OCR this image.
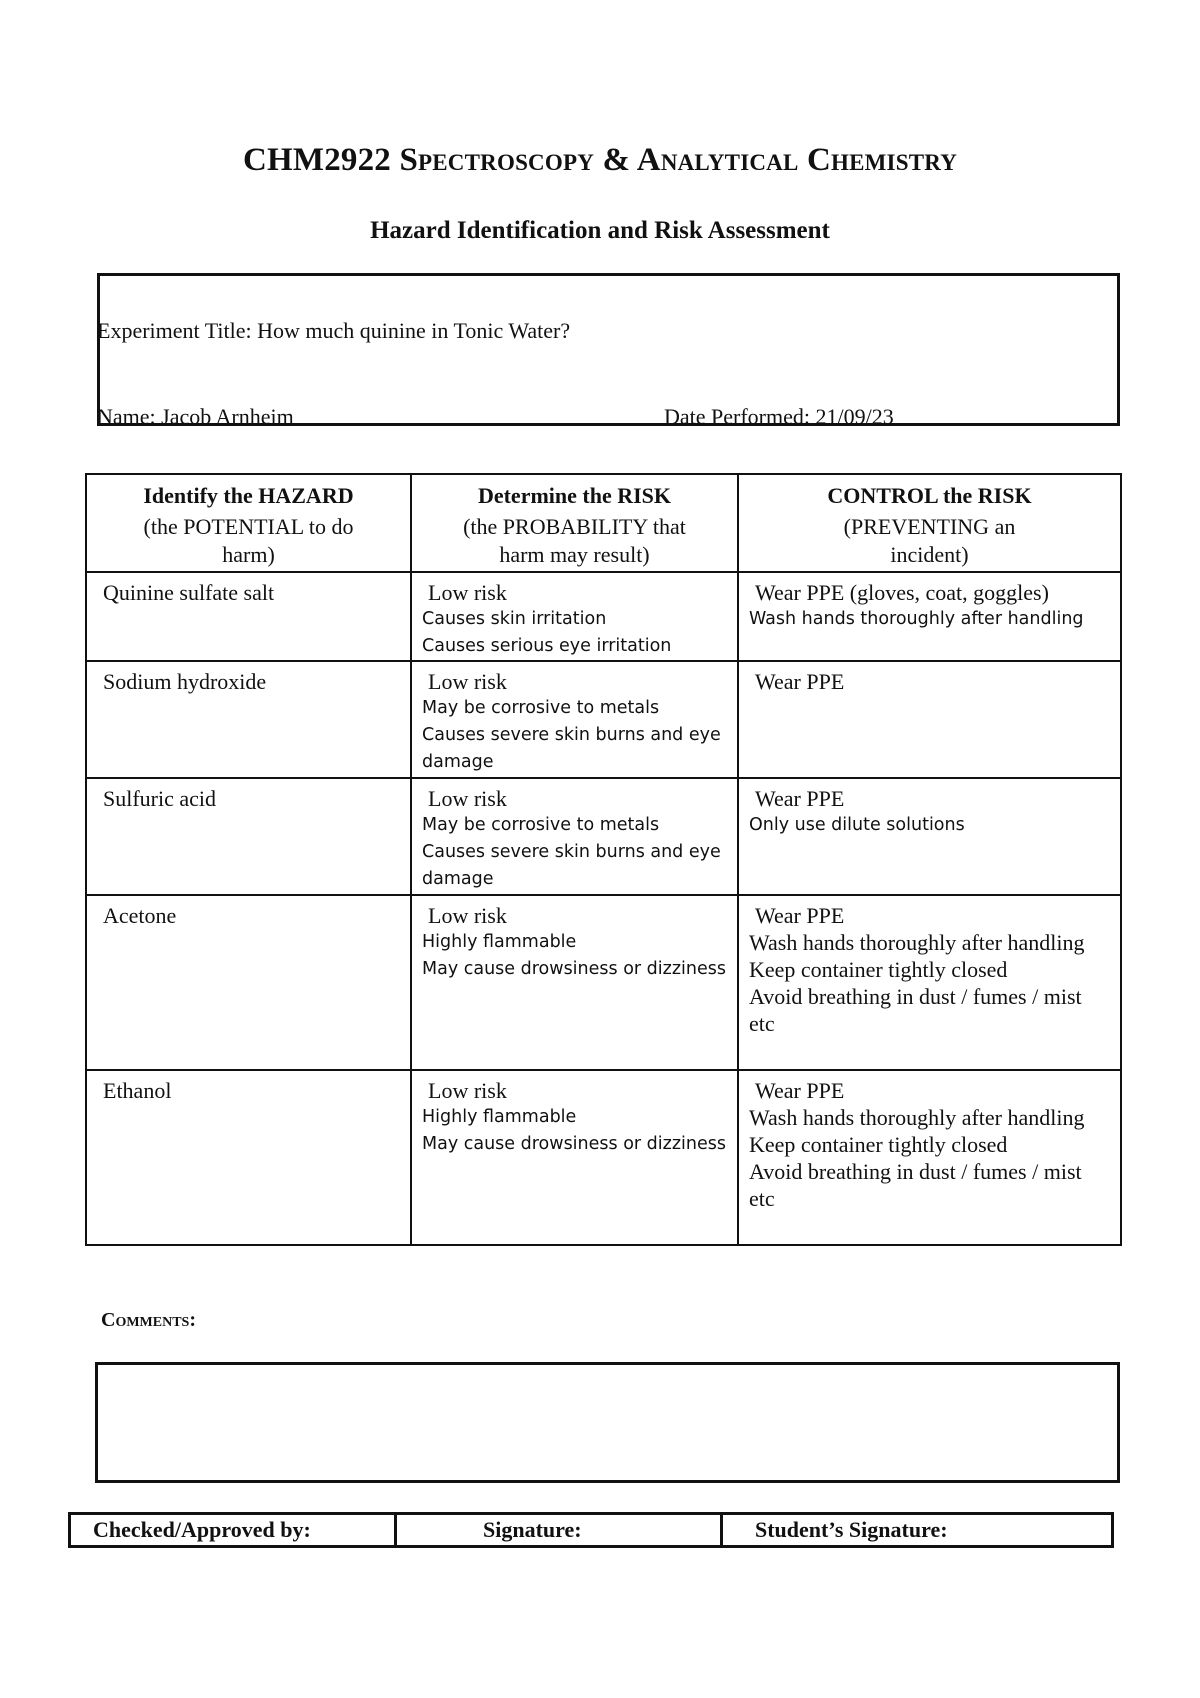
CHM2922 Spectroscopy & Analytical Chemistry
Hazard Identification and Risk Assessment
Experiment Title: How much quinine in Tonic Water?
Name: Jacob Arnheim	Date Performed: 21/09/23
Identify the HAZARD
(the POTENTIAL to do
harm)	Determine the RISK
(the PROBABILITY that
harm may result)	CONTROL the RISK
(PREVENTING an
incident)

Quinine sulfate salt	Low risk
Causes skin irritation
Causes serious eye irritation	Wear PPE (gloves, coat, goggles)
Wash hands thoroughly after handling

Sodium hydroxide	Low risk
May be corrosive to metals
Causes severe skin burns and eye damage	Wear PPE

Sulfuric acid	Low risk
May be corrosive to metals
Causes severe skin burns and eye damage	Wear PPE
Only use dilute solutions

Acetone	Low risk
Highly flammable
May cause drowsiness or dizziness	Wear PPE
Wash hands thoroughly after handling
Keep container tightly closed
Avoid breathing in dust / fumes / mist etc

Ethanol	Low risk
Highly flammable
May cause drowsiness or dizziness	Wear PPE
Wash hands thoroughly after handling
Keep container tightly closed
Avoid breathing in dust / fumes / mist etc
Comments:
Checked/Approved by:	Signature:	Student’s Signature:
